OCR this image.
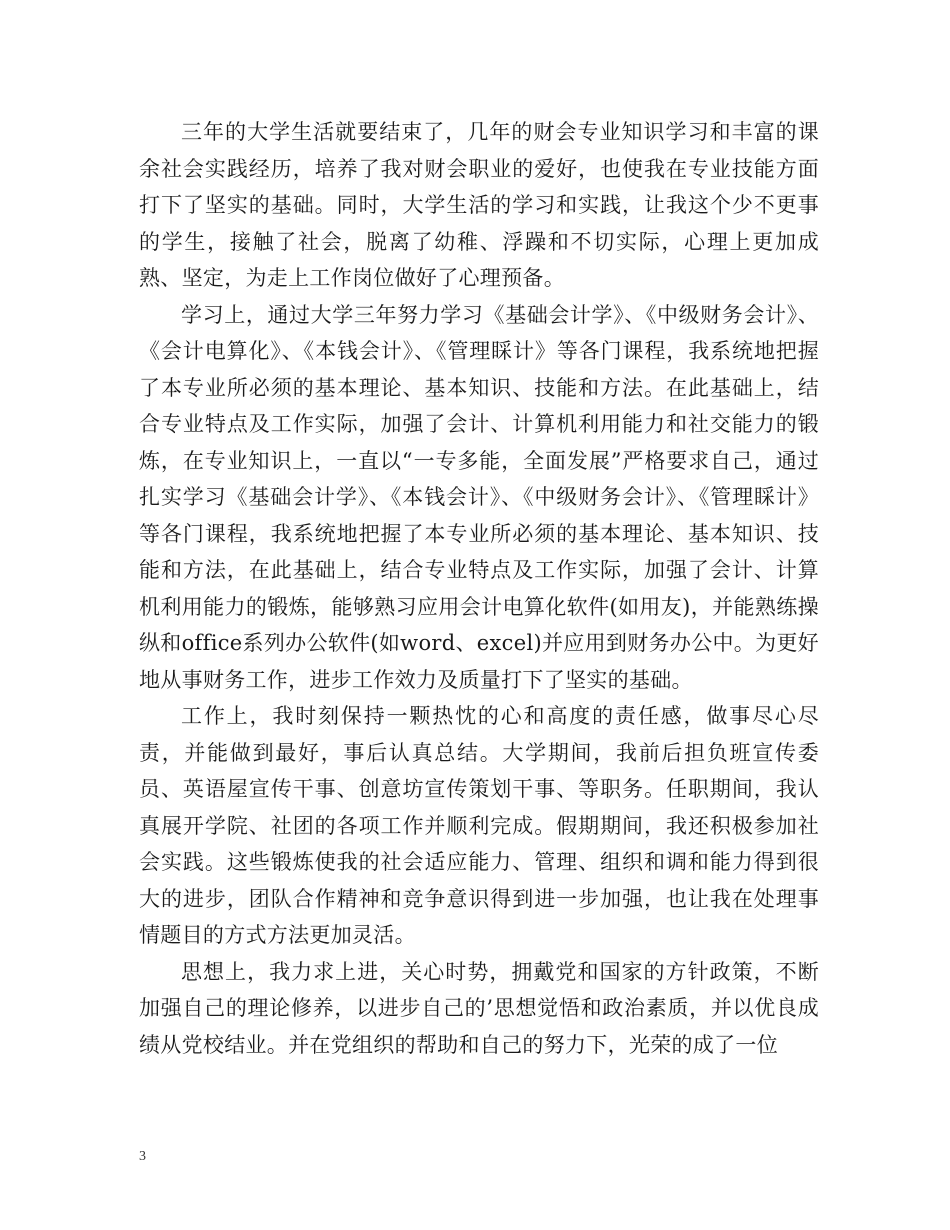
三年的大学生活就要结束了，几年的财会专业知识学习和丰富的课余社会实践经历，培养了我对财会职业的爱好，也使我在专业技能方面打下了坚实的基础。同时，大学生活的学习和实践，让我这个少不更事的学生，接触了社会，脱离了幼稚、浮躁和不切实际，心理上更加成熟、坚定，为走上工作岗位做好了心理预备。

学习上，通过大学三年努力学习《基础会计学》、《中级财务会计》、《会计电算化》、《本钱会计》、《管理睬计》等各门课程，我系统地把握了本专业所必须的基本理论、基本知识、技能和方法。在此基础上，结合专业特点及工作实际，加强了会计、计算机利用能力和社交能力的锻炼，在专业知识上，一直以“一专多能，全面发展”严格要求自己，通过扎实学习《基础会计学》、《本钱会计》、《中级财务会计》、《管理睬计》等各门课程，我系统地把握了本专业所必须的基本理论、基本知识、技能和方法，在此基础上，结合专业特点及工作实际，加强了会计、计算机利用能力的锻炼，能够熟习应用会计电算化软件(如用友)，并能熟练操纵和office系列办公软件(如word、excel)并应用到财务办公中。为更好地从事财务工作，进步工作效力及质量打下了坚实的基础。

工作上，我时刻保持一颗热忱的心和高度的责任感，做事尽心尽责，并能做到最好，事后认真总结。大学期间，我前后担负班宣传委员、英语屋宣传干事、创意坊宣传策划干事、等职务。任职期间，我认真展开学院、社团的各项工作并顺利完成。假期期间，我还积极参加社会实践。这些锻炼使我的社会适应能力、管理、组织和调和能力得到很大的进步，团队合作精神和竞争意识得到进一步加强，也让我在处理事情题目的方式方法更加灵活。

思想上，我力求上进，关心时势，拥戴党和国家的方针政策，不断加强自己的理论修养，以进步自己的’思想觉悟和政治素质，并以优良成绩从党校结业。并在党组织的帮助和自己的努力下，光荣的成了一位

3
